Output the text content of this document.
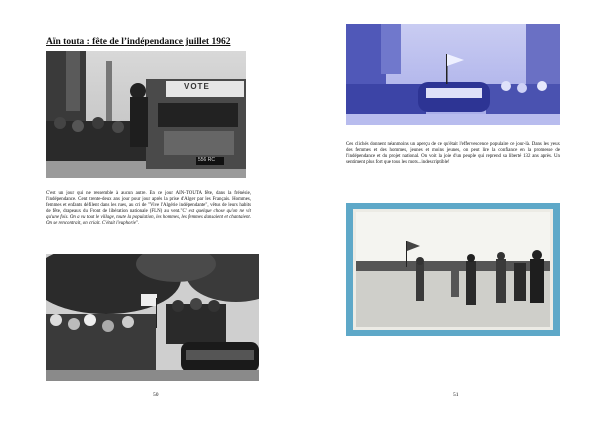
Aïn touta : fête de l’indépendance juillet 1962
VOTE
556 RC

C'est un jour qui ne ressemble à aucun autre. En ce jour AIN-TOUTA fête, dans la frénésie, l'indépendance. Cent trente-deux ans jour pour jour après la prise d'Alger par les Français. Hommes, femmes et enfants défilent dans les rues, au cri de "Vive l'Algérie indépendante", vêtus de leurs habits de fête, drapeaux du Front de libération nationale (FLN) au vent."C' est quelque chose qu'on ne vit qu'une fois. On a vu tout le village, toute la population, les hommes, les femmes dansaient et chantaient. On se rencontrait, on criait. C'était l'euphorie".

50

Ces clichés donnent néanmoins un aperçu de ce qu'était l'effervescence populaire ce jour-là. Dans les yeux des femmes et des hommes, jeunes et moins jeunes, on peut lire la confiance en la promesse de l'indépendance et du projet national. On voit la joie d'un peuple qui reprend sa liberté 132 ans après. Un sentiment plus fort que tous les mots...indescriptible!

51
